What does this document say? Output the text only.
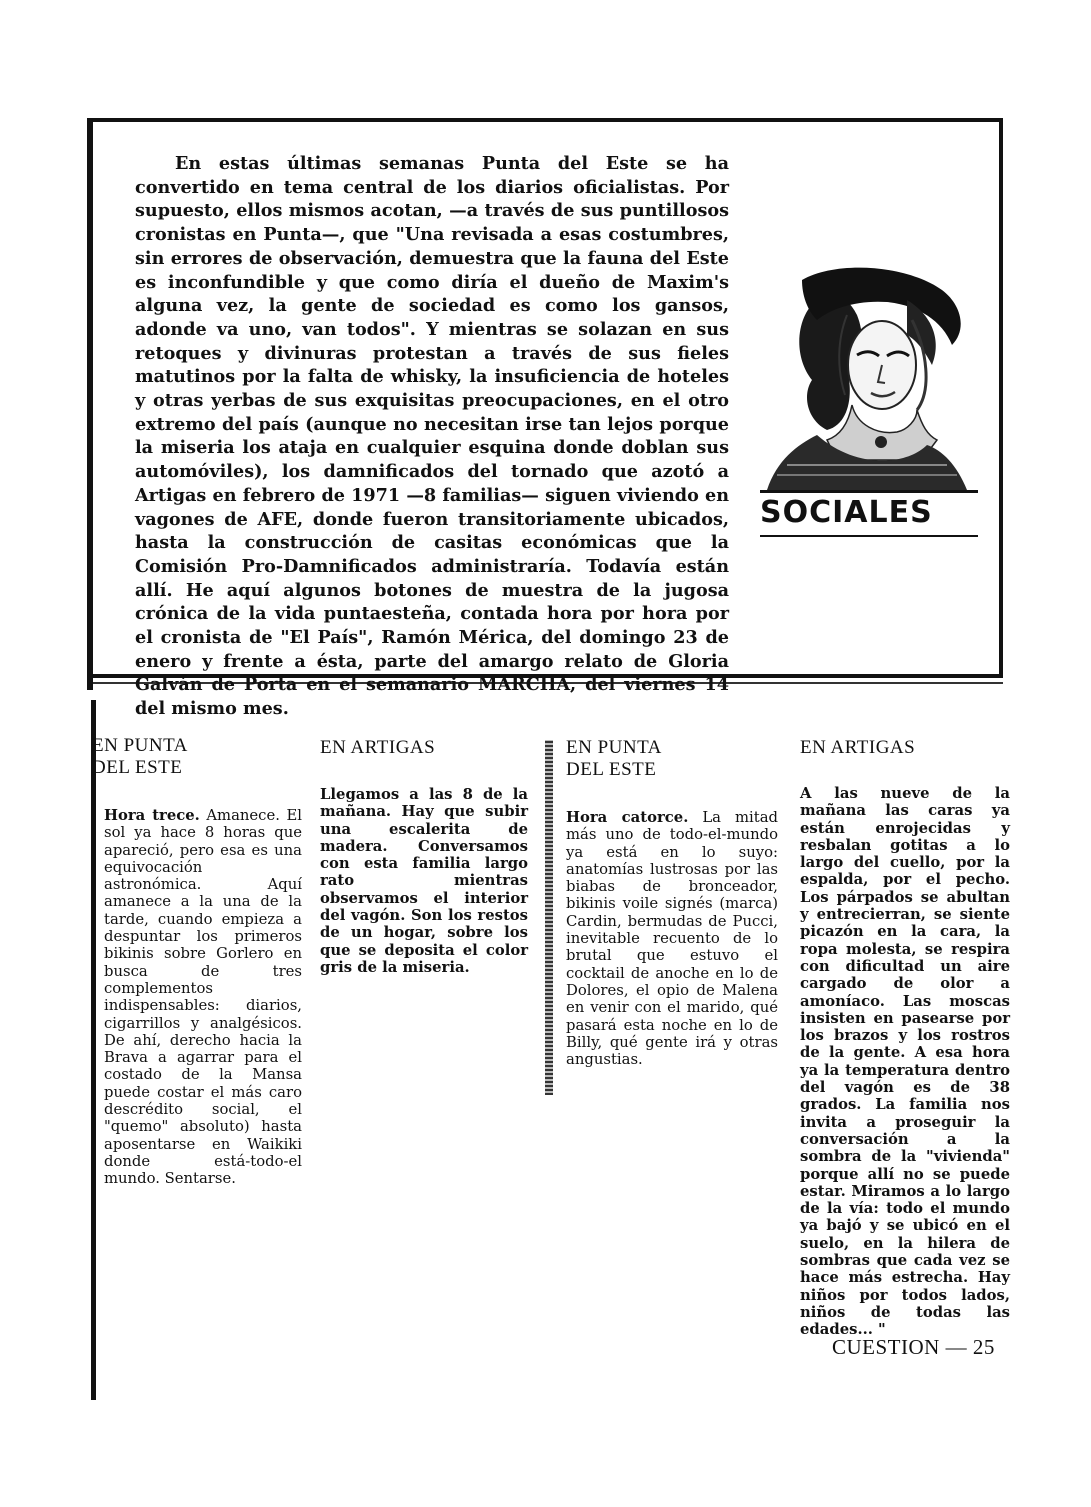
En estas últimas semanas Punta del Este se ha convertido en tema central de los diarios oficialistas. Por supuesto, ellos mismos acotan, —a través de sus puntillosos cronistas en Punta—, que "Una revisada a esas costumbres, sin errores de observación, demuestra que la fauna del Este es inconfundible y que como diría el dueño de Maxim's alguna vez, la gente de sociedad es como los gansos, adonde va uno, van todos". Y mientras se solazan en sus retoques y divinuras protestan a través de sus fieles matutinos por la falta de whisky, la insuficiencia de hoteles y otras yerbas de sus exquisitas preocupaciones, en el otro extremo del país (aunque no necesitan irse tan lejos porque la miseria los ataja en cualquier esquina donde doblan sus automóviles), los damnificados del tornado que azotó a Artigas en febrero de 1971 —8 familias— siguen viviendo en vagones de AFE, donde fueron transitoriamente ubicados, hasta la construcción de casitas económicas que la Comisión Pro-Damnificados administraría. Todavía están allí. He aquí algunos botones de muestra de la jugosa crónica de la vida puntaesteña, contada hora por hora por el cronista de "El País", Ramón Mérica, del domingo 23 de enero y frente a ésta, parte del amargo relato de Gloria Galván de Porta en el semanario MARCHA, del viernes 14 del mismo mes.

SOCIALES

EN PUNTA
DEL ESTE

Hora trece. Amanece. El sol ya hace 8 horas que apareció, pero esa es una equivocación astronómica. Aquí amanece a la una de la tarde, cuando empieza a despuntar los primeros bikinis sobre Gorlero en busca de tres complementos indispensables: diarios, cigarrillos y analgésicos. De ahí, derecho hacia la Brava a agarrar para el costado de la Mansa puede costar el más caro descrédito social, el "quemo" absoluto) hasta aposentarse en Waikiki donde está-todo-el mundo. Sentarse.

EN ARTIGAS

Llegamos a las 8 de la mañana. Hay que subir una escalerita de madera. Conversamos con esta familia largo rato mientras observamos el interior del vagón. Son los restos de un hogar, sobre los que se deposita el color gris de la miseria.

EN PUNTA
DEL ESTE

Hora catorce. La mitad más uno de todo-el-mundo ya está en lo suyo: anatomías lustrosas por las biabas de bronceador, bikinis voile signés (marca) Cardin, bermudas de Pucci, inevitable recuento de lo brutal que estuvo el cocktail de anoche en lo de Dolores, el opio de Malena en venir con el marido, qué pasará esta noche en lo de Billy, qué gente irá y otras angustias.

EN ARTIGAS

A las nueve de la mañana las caras ya están enrojecidas y resbalan gotitas a lo largo del cuello, por la espalda, por el pecho. Los párpados se abultan y entrecierran, se siente picazón en la cara, la ropa molesta, se respira con dificultad un aire cargado de olor a amoníaco. Las moscas insisten en pasearse por los brazos y los rostros de la gente. A esa hora ya la temperatura dentro del vagón es de 38 grados. La familia nos invita a proseguir la conversación a la sombra de la "vivienda" porque allí no se puede estar. Miramos a lo largo de la vía: todo el mundo ya bajó y se ubicó en el suelo, en la hilera de sombras que cada vez se hace más estrecha. Hay niños por todos lados, niños de todas las edades... "

CUESTION — 25
